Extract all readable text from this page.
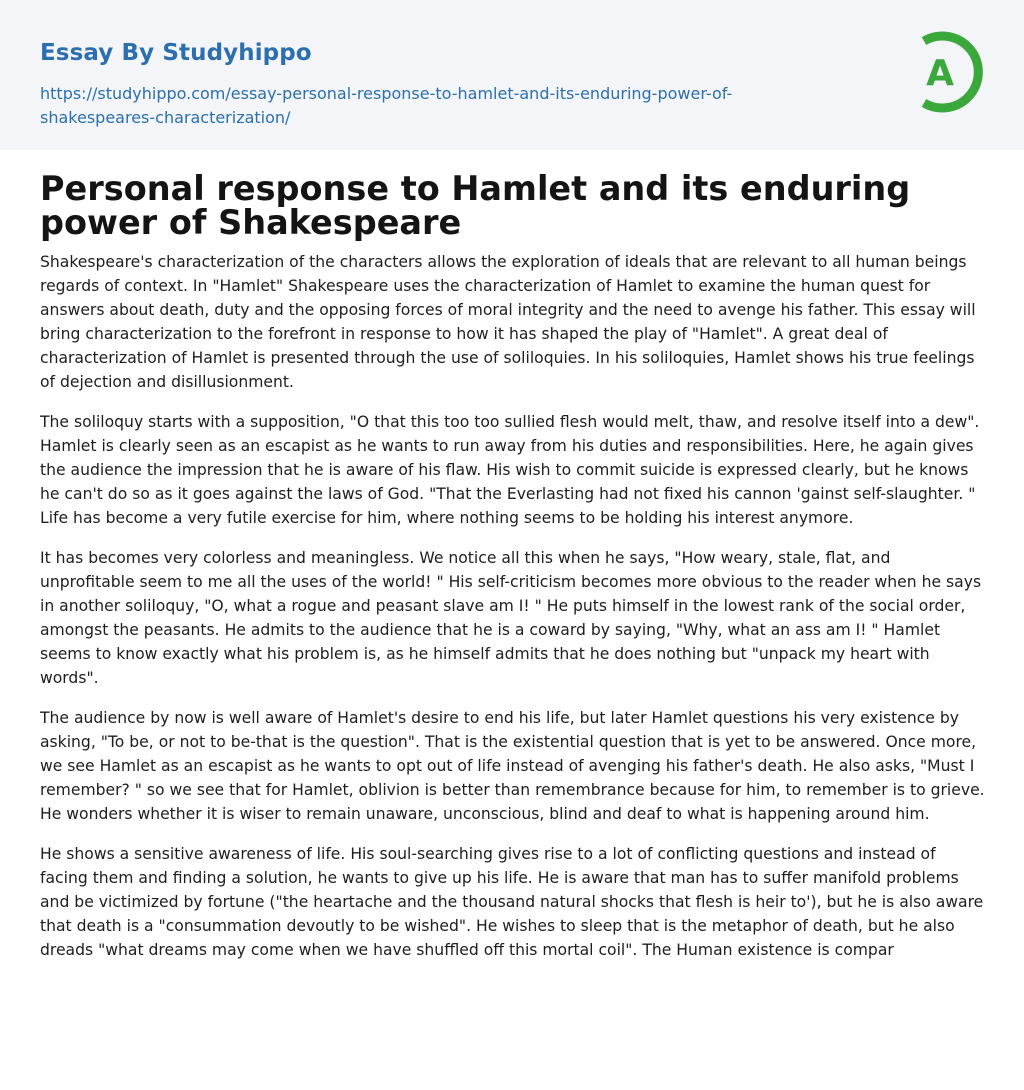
Essay By Studyhippo
https://studyhippo.com/essay-personal-response-to-hamlet-and-its-enduring-power-of-shakespeares-characterization/
A
Personal response to Hamlet and its enduring power of Shakespeare

Shakespeare's characterization of the characters allows the exploration of ideals that are relevant to all human beings regards of context. In "Hamlet" Shakespeare uses the characterization of Hamlet to examine the human quest for answers about death, duty and the opposing forces of moral integrity and the need to avenge his father. This essay will bring characterization to the forefront in response to how it has shaped the play of "Hamlet". A great deal of characterization of Hamlet is presented through the use of soliloquies. In his soliloquies, Hamlet shows his true feelings of dejection and disillusionment.

The soliloquy starts with a supposition, "O that this too too sullied flesh would melt, thaw, and resolve itself into a dew". Hamlet is clearly seen as an escapist as he wants to run away from his duties and responsibilities. Here, he again gives the audience the impression that he is aware of his flaw. His wish to commit suicide is expressed clearly, but he knows he can't do so as it goes against the laws of God. "That the Everlasting had not fixed his cannon 'gainst self-slaughter. " Life has become a very futile exercise for him, where nothing seems to be holding his interest anymore.

It has becomes very colorless and meaningless. We notice all this when he says, "How weary, stale, flat, and unprofitable seem to me all the uses of the world! " His self-criticism becomes more obvious to the reader when he says in another soliloquy, "O, what a rogue and peasant slave am I! " He puts himself in the lowest rank of the social order, amongst the peasants. He admits to the audience that he is a coward by saying, "Why, what an ass am I! " Hamlet seems to know exactly what his problem is, as he himself admits that he does nothing but "unpack my heart with words".

The audience by now is well aware of Hamlet's desire to end his life, but later Hamlet questions his very existence by asking, "To be, or not to be-that is the question". That is the existential question that is yet to be answered. Once more, we see Hamlet as an escapist as he wants to opt out of life instead of avenging his father's death. He also asks, "Must I remember? " so we see that for Hamlet, oblivion is better than remembrance because for him, to remember is to grieve. He wonders whether it is wiser to remain unaware, unconscious, blind and deaf to what is happening around him.

He shows a sensitive awareness of life. His soul-searching gives rise to a lot of conflicting questions and instead of facing them and finding a solution, he wants to give up his life. He is aware that man has to suffer manifold problems and be victimized by fortune ("the heartache and the thousand natural shocks that flesh is heir to'), but he is also aware that death is a "consummation devoutly to be wished". He wishes to sleep that is the metaphor of death, but he also dreads "what dreams may come when we have shuffled off this mortal coil". The Human existence is compar
